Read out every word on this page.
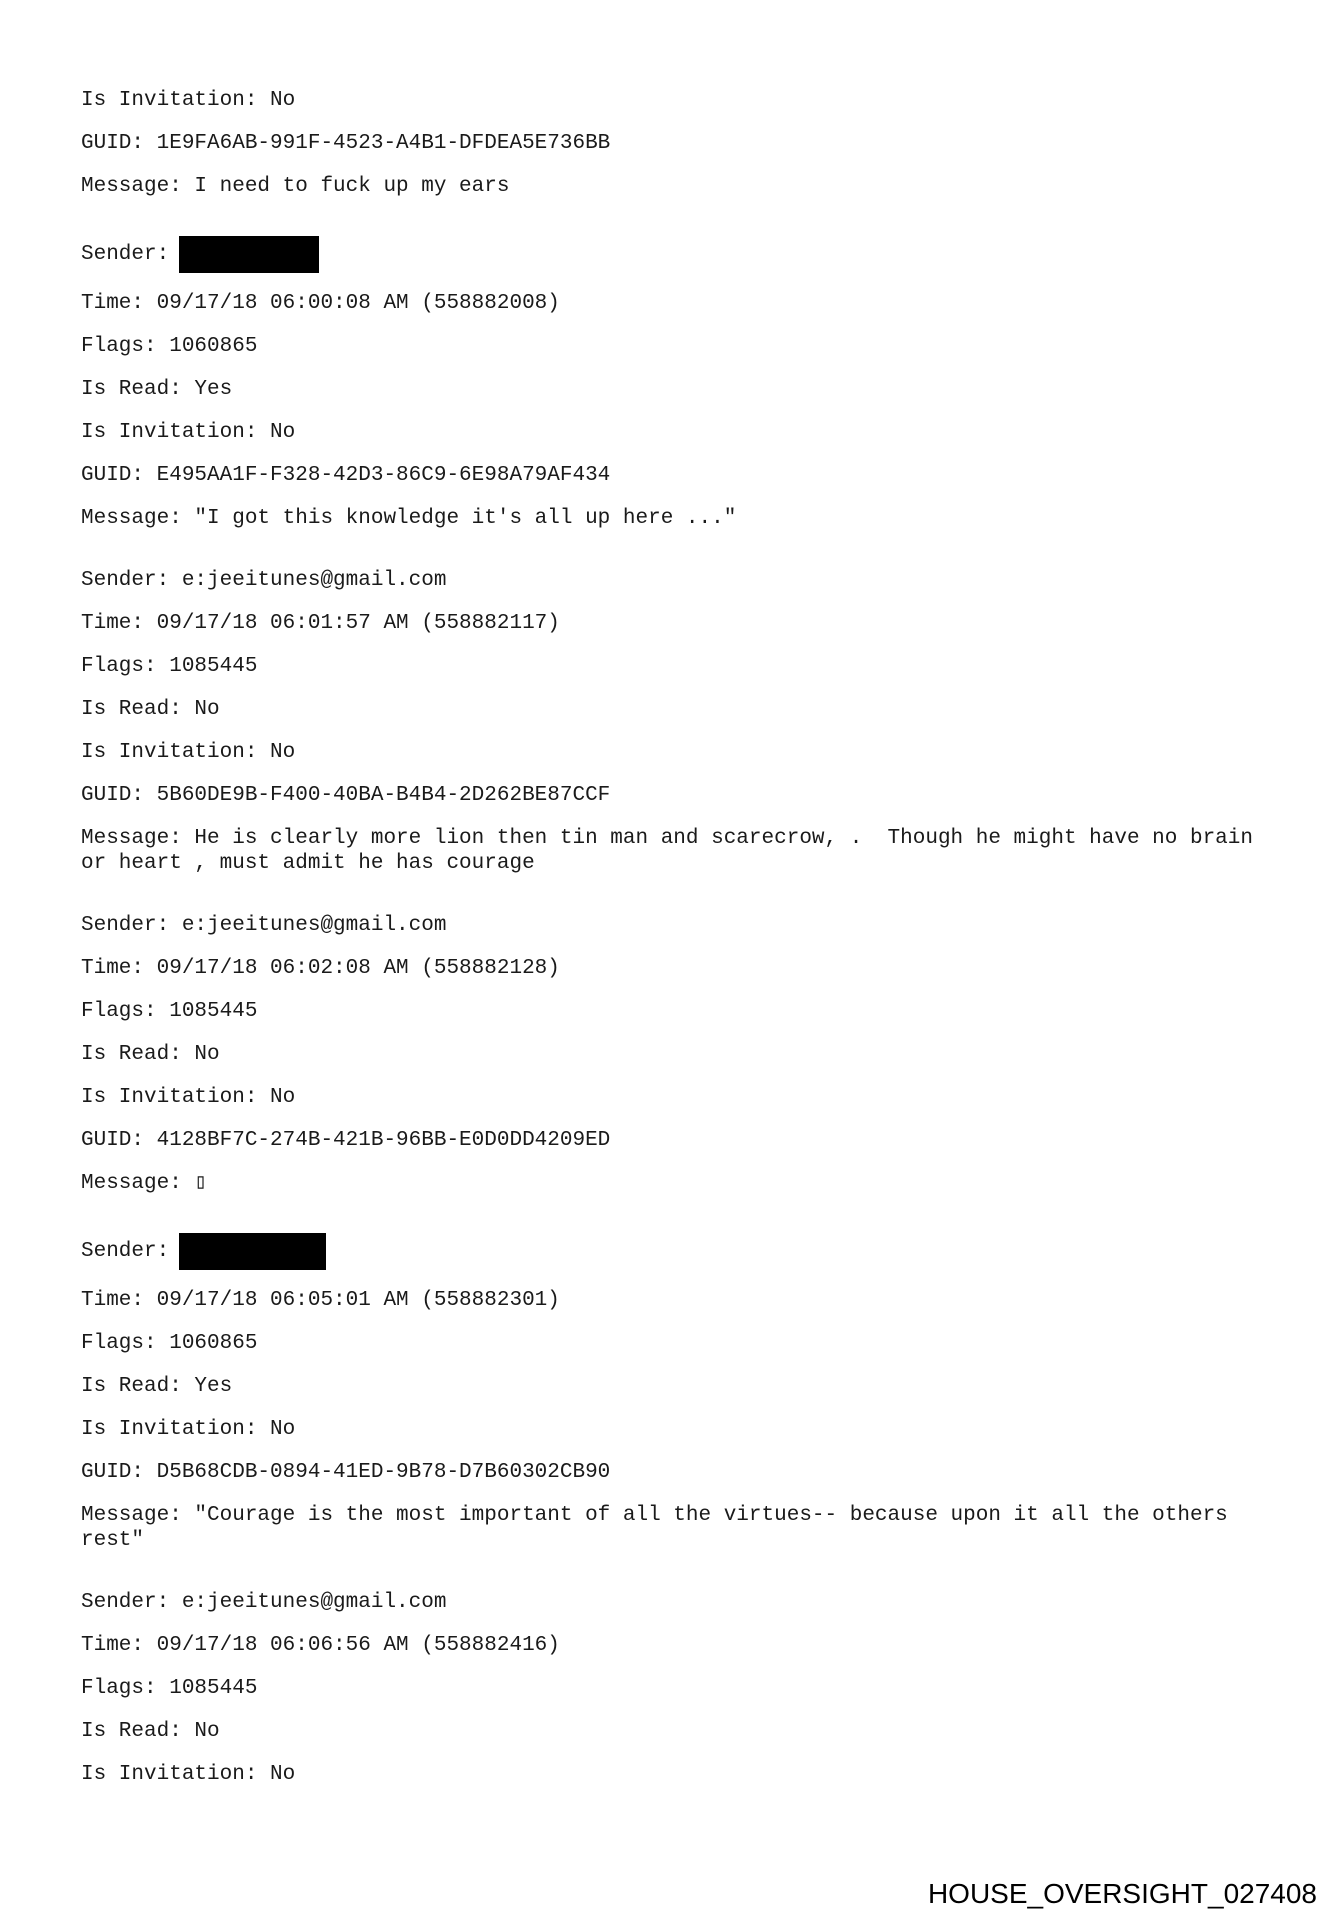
Is Invitation: No
GUID: 1E9FA6AB-991F-4523-A4B1-DFDEA5E736BB
Message: I need to fuck up my ears
Sender:
Time: 09/17/18 06:00:08 AM (558882008)
Flags: 1060865
Is Read: Yes
Is Invitation: No
GUID: E495AA1F-F328-42D3-86C9-6E98A79AF434
Message: "I got this knowledge it's all up here ..."
Sender: e:jeeitunes@gmail.com
Time: 09/17/18 06:01:57 AM (558882117)
Flags: 1085445
Is Read: No
Is Invitation: No
GUID: 5B60DE9B-F400-40BA-B4B4-2D262BE87CCF
Message: He is clearly more lion then tin man and scarecrow, .  Though he might have no brain or heart , must admit he has courage
Sender: e:jeeitunes@gmail.com
Time: 09/17/18 06:02:08 AM (558882128)
Flags: 1085445
Is Read: No
Is Invitation: No
GUID: 4128BF7C-274B-421B-96BB-E0D0DD4209ED
Message: ▯
Sender:
Time: 09/17/18 06:05:01 AM (558882301)
Flags: 1060865
Is Read: Yes
Is Invitation: No
GUID: D5B68CDB-0894-41ED-9B78-D7B60302CB90
Message: "Courage is the most important of all the virtues-- because upon it all the others rest"
Sender: e:jeeitunes@gmail.com
Time: 09/17/18 06:06:56 AM (558882416)
Flags: 1085445
Is Read: No
Is Invitation: No
HOUSE_OVERSIGHT_027408
